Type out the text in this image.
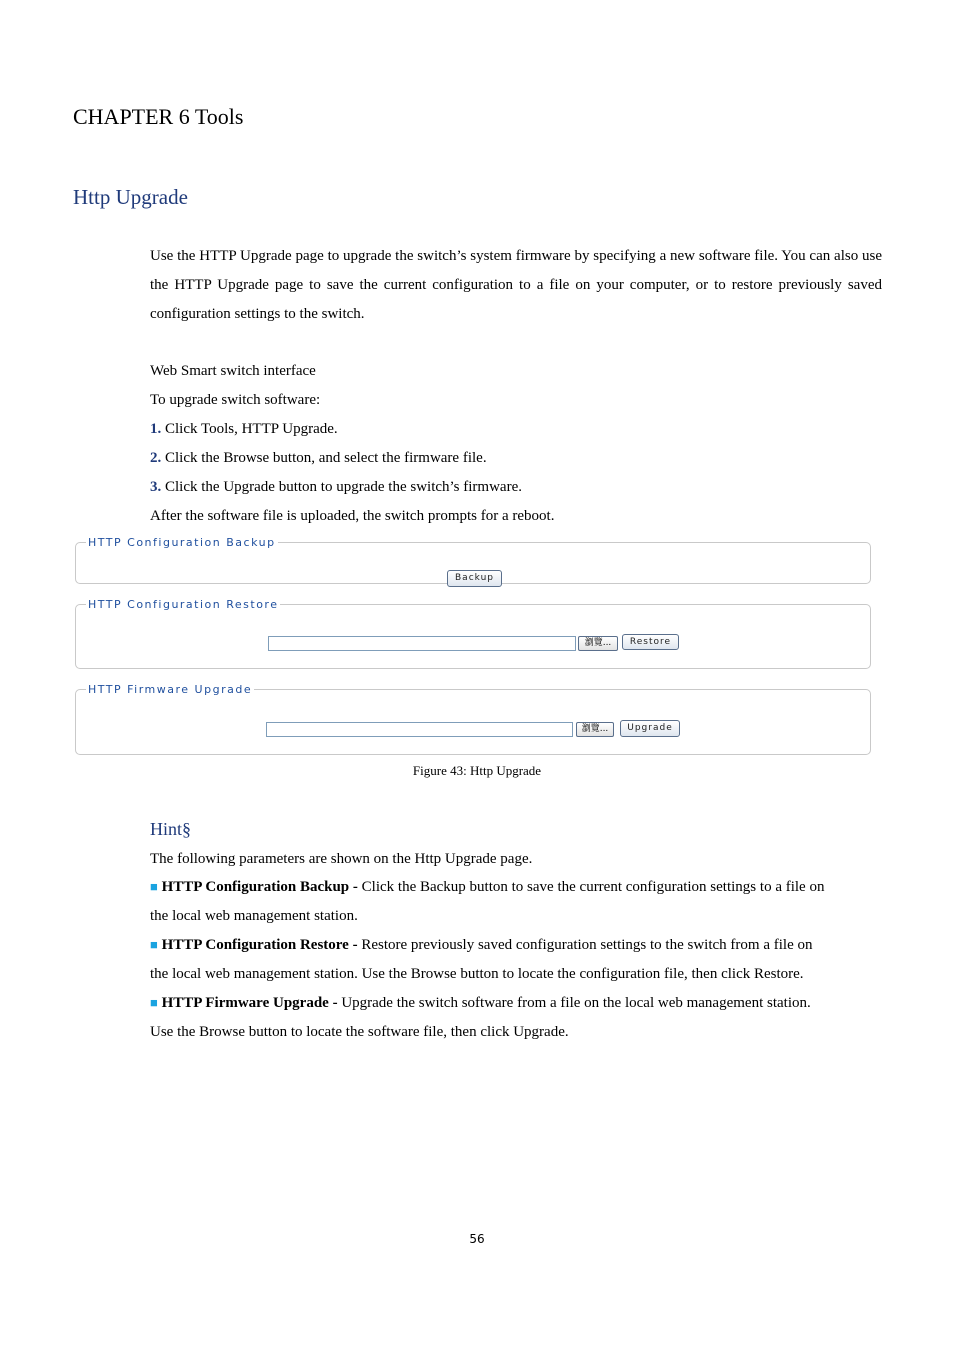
CHAPTER 6 Tools
Http Upgrade
Use the HTTP Upgrade page to upgrade the switch’s system firmware by specifying a new software file. You can also use the HTTP Upgrade page to save the current configuration to a file on your computer, or to restore previously saved configuration settings to the switch.
Web Smart switch interface
To upgrade switch software:
1. Click Tools, HTTP Upgrade.
2. Click the Browse button, and select the firmware file.
3. Click the Upgrade button to upgrade the switch’s firmware.
After the software file is uploaded, the switch prompts for a reboot.
HTTP Configuration Backup
Backup
HTTP Configuration Restore
瀏覽...	Restore
HTTP Firmware Upgrade
瀏覽...	Upgrade
Figure 43: Http Upgrade
Hint§
The following parameters are shown on the Http Upgrade page.
■ HTTP Configuration Backup - Click the Backup button to save the current configuration settings to a file on
the local web management station.
■ HTTP Configuration Restore - Restore previously saved configuration settings to the switch from a file on
the local web management station. Use the Browse button to locate the configuration file, then click Restore.
■ HTTP Firmware Upgrade - Upgrade the switch software from a file on the local web management station.
Use the Browse button to locate the software file, then click Upgrade.
56
